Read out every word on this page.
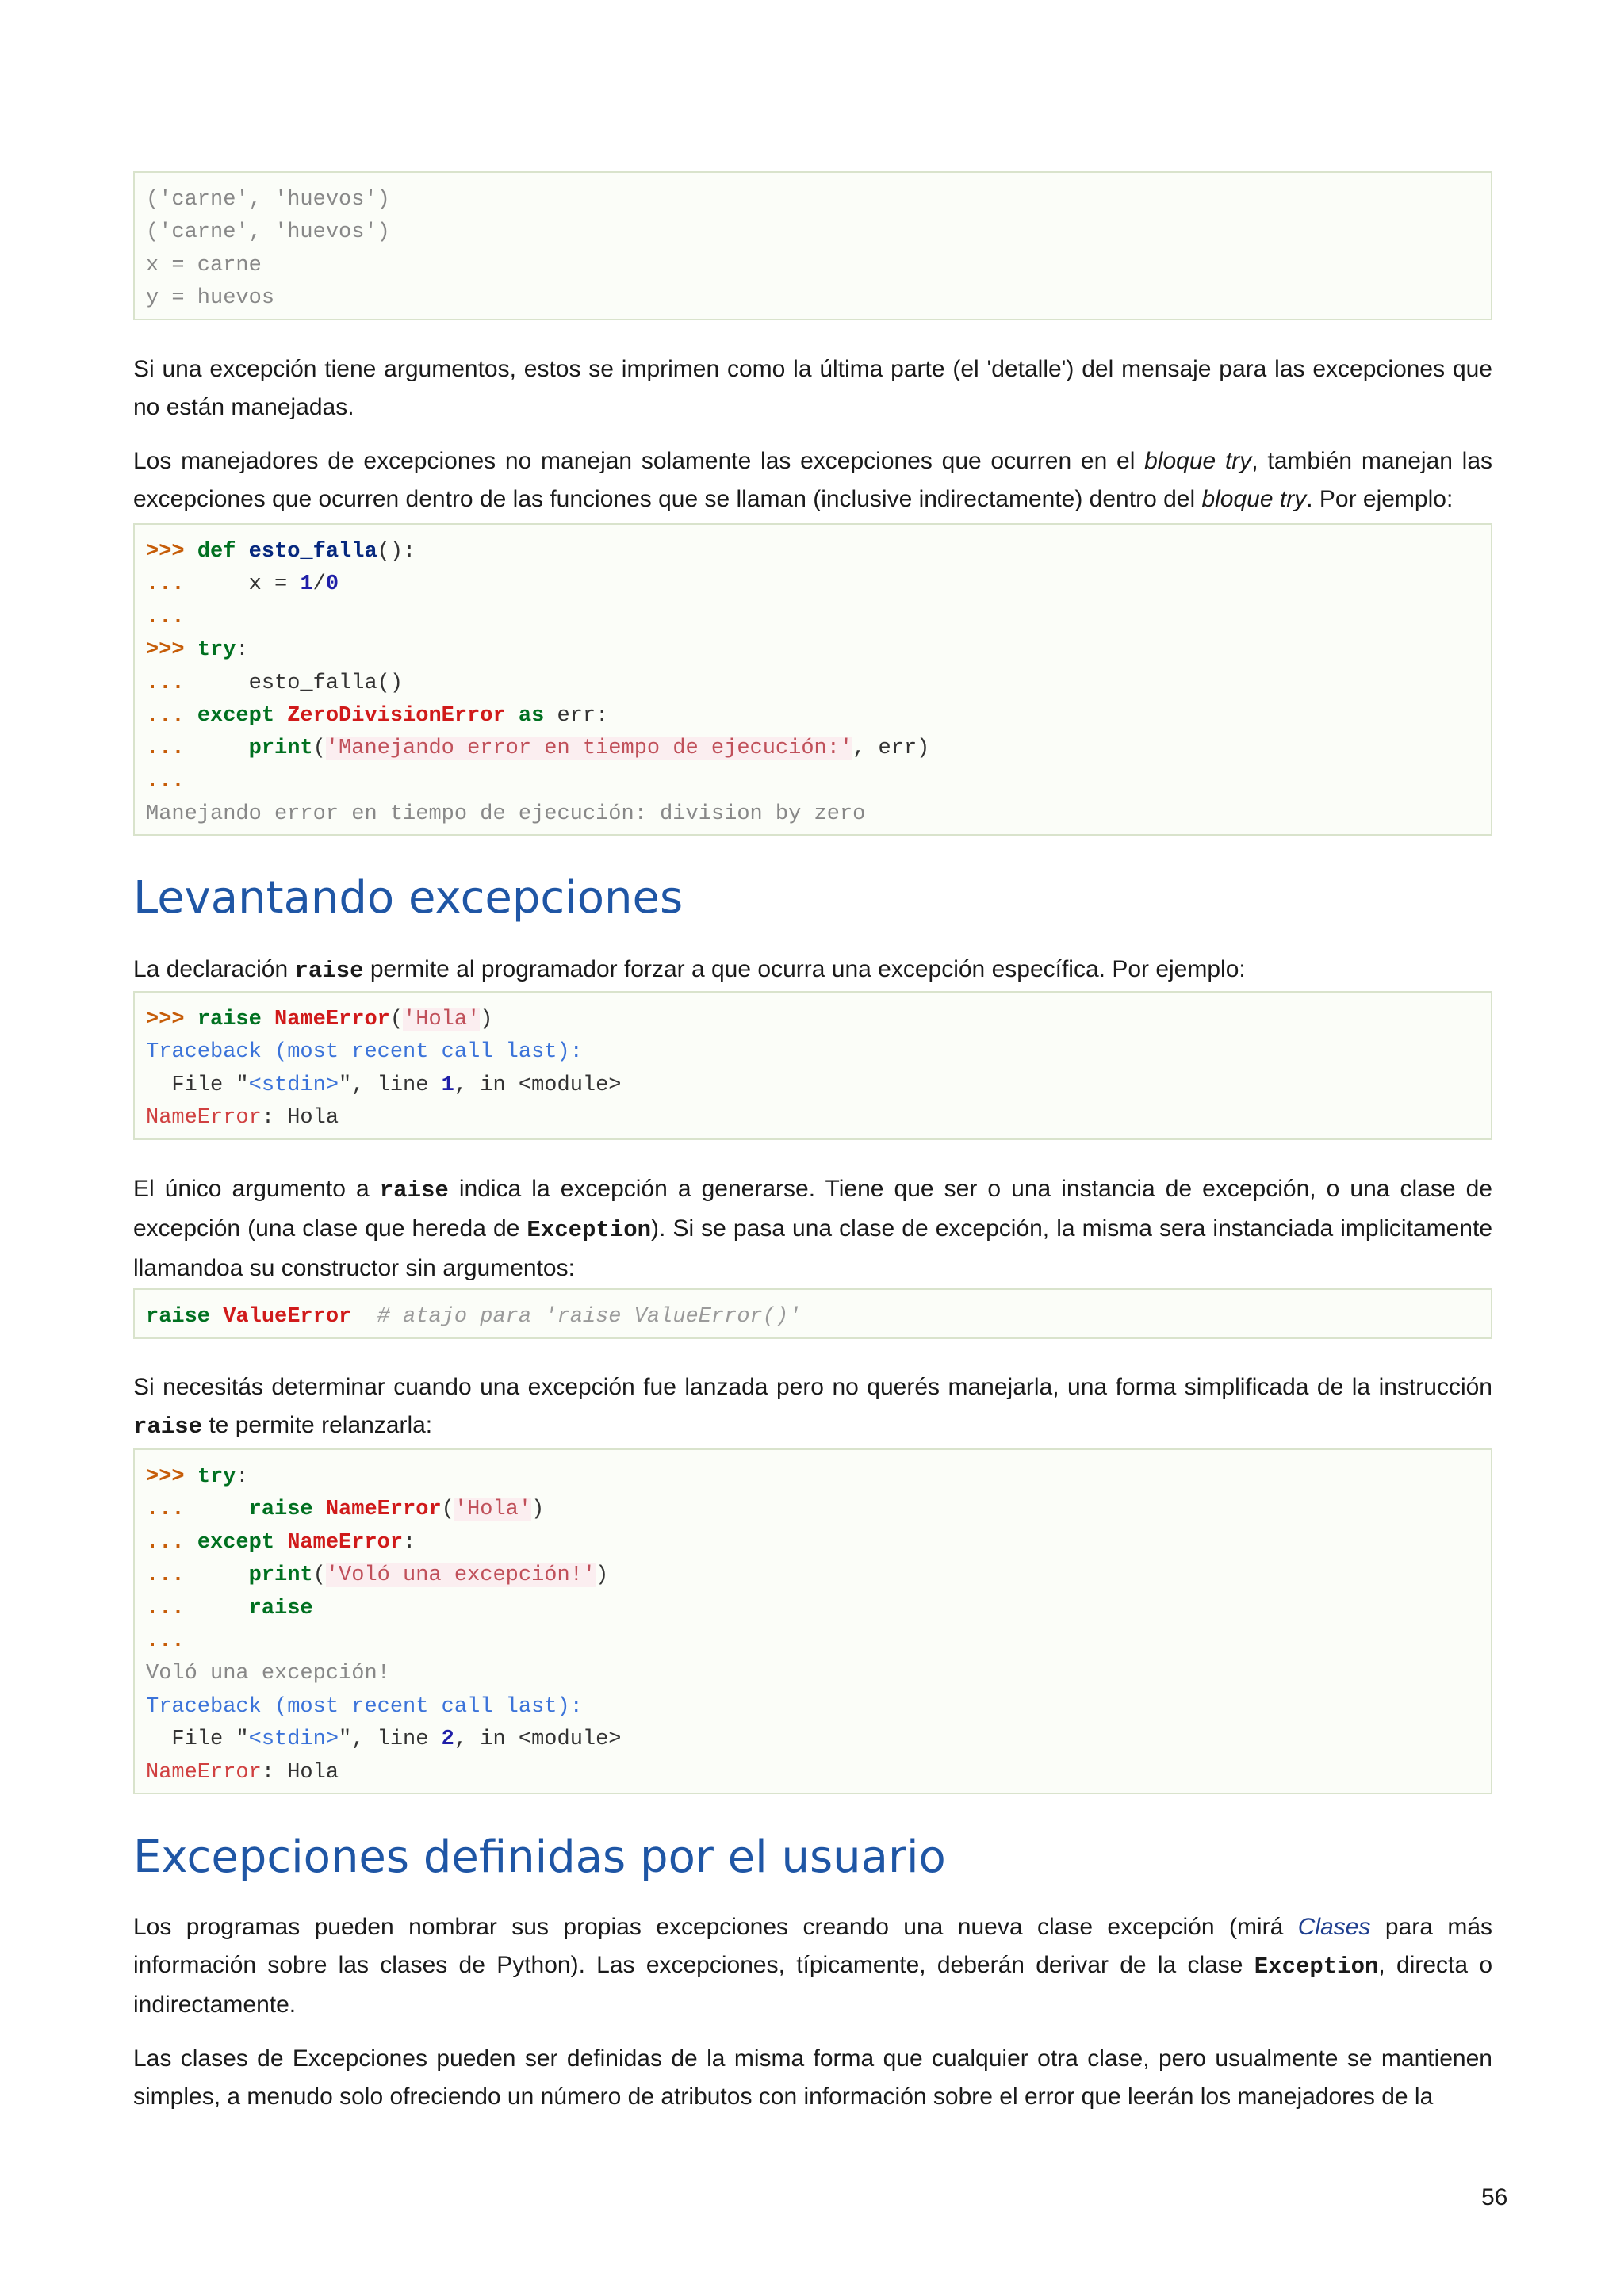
('carne', 'huevos')
('carne', 'huevos')
x = carne
y = huevos

Si una excepción tiene argumentos, estos se imprimen como la última parte (el 'detalle') del mensaje para las excepciones que no están manejadas.

Los manejadores de excepciones no manejan solamente las excepciones que ocurren en el bloque try, también manejan las excepciones que ocurren dentro de las funciones que se llaman (inclusive indirectamente) dentro del bloque try. Por ejemplo:

>>> def esto_falla():
...     x = 1/0
...
>>> try:
...     esto_falla()
... except ZeroDivisionError as err:
...	print('Manejando error en tiempo de ejecución:', err)
...
Manejando error en tiempo de ejecución: division by zero
Levantando excepciones

La declaración raise permite al programador forzar a que ocurra una excepción específica. Por ejemplo:

>>> raise NameError('Hola')
Traceback (most recent call last):
File "<stdin>", line 1, in <module>
NameError: Hola

El único argumento a raise indica la excepción a generarse. Tiene que ser o una instancia de excepción, o una clase de excepción (una clase que hereda de Exception). Si se pasa una clase de excepción, la misma sera instanciada implicitamente llamandoa su constructor sin argumentos:

raise ValueError # atajo para 'raise ValueError()'

Si necesitás determinar cuando una excepción fue lanzada pero no querés manejarla, una forma simplificada de la instrucción raise te permite relanzarla:

>>> try:
...	raise NameError('Hola')
... except NameError:
...	print('Voló una excepción!')
...	raise
...
Voló una excepción!
Traceback (most recent call last):
File "<stdin>", line 2, in <module>
NameError: Hola
Excepciones definidas por el usuario

Los programas pueden nombrar sus propias excepciones creando una nueva clase excepción (mirá Clases para más información sobre las clases de Python). Las excepciones, típicamente, deberán derivar de la clase Exception, directa o indirectamente.

Las clases de Excepciones pueden ser definidas de la misma forma que cualquier otra clase, pero usualmente se mantienen simples, a menudo solo ofreciendo un número de atributos con información sobre el error que leerán los manejadores de la

56
